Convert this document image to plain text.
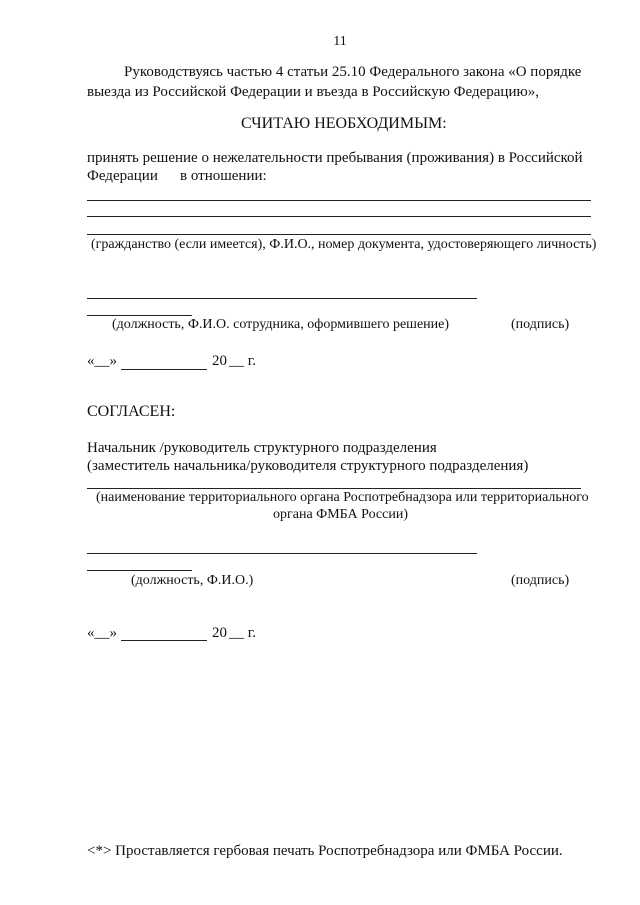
11
Руководствуясь частью 4 статьи 25.10 Федерального закона «О порядке
выезда из Российской Федерации и въезда в Российскую Федерацию»,
СЧИТАЮ НЕОБХОДИМЫМ:
принять решение о нежелательности пребывания (проживания) в Российской
Федерации в отношении:
(гражданство (если имеется), Ф.И.О., номер документа, удостоверяющего личность)
(должность, Ф.И.О. сотрудника, оформившего решение)	(подпись)
«__»	20 __ г.
СОГЛАСЕН:
Начальник /руководитель структурного подразделения
(заместитель начальника/руководителя структурного подразделения)
(наименование территориального органа Роспотребнадзора или территориального
органа ФМБА России)
(должность, Ф.И.О.)	(подпись)
«__»	20 __ г.
<*> Проставляется гербовая печать Роспотребнадзора или ФМБА России.
